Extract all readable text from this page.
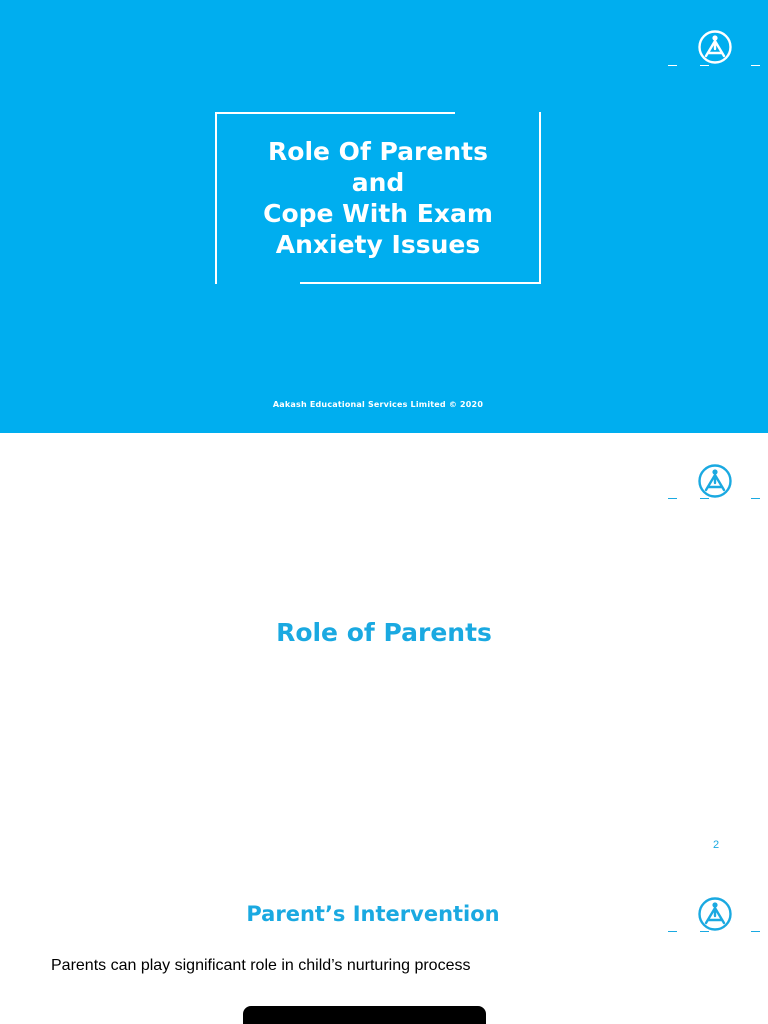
Role Of Parents
and
Cope With Exam
Anxiety Issues
Aakash Educational Services Limited © 2020
Role of Parents
2
Parent’s Intervention
Parents can play significant role in child’s nurturing process
